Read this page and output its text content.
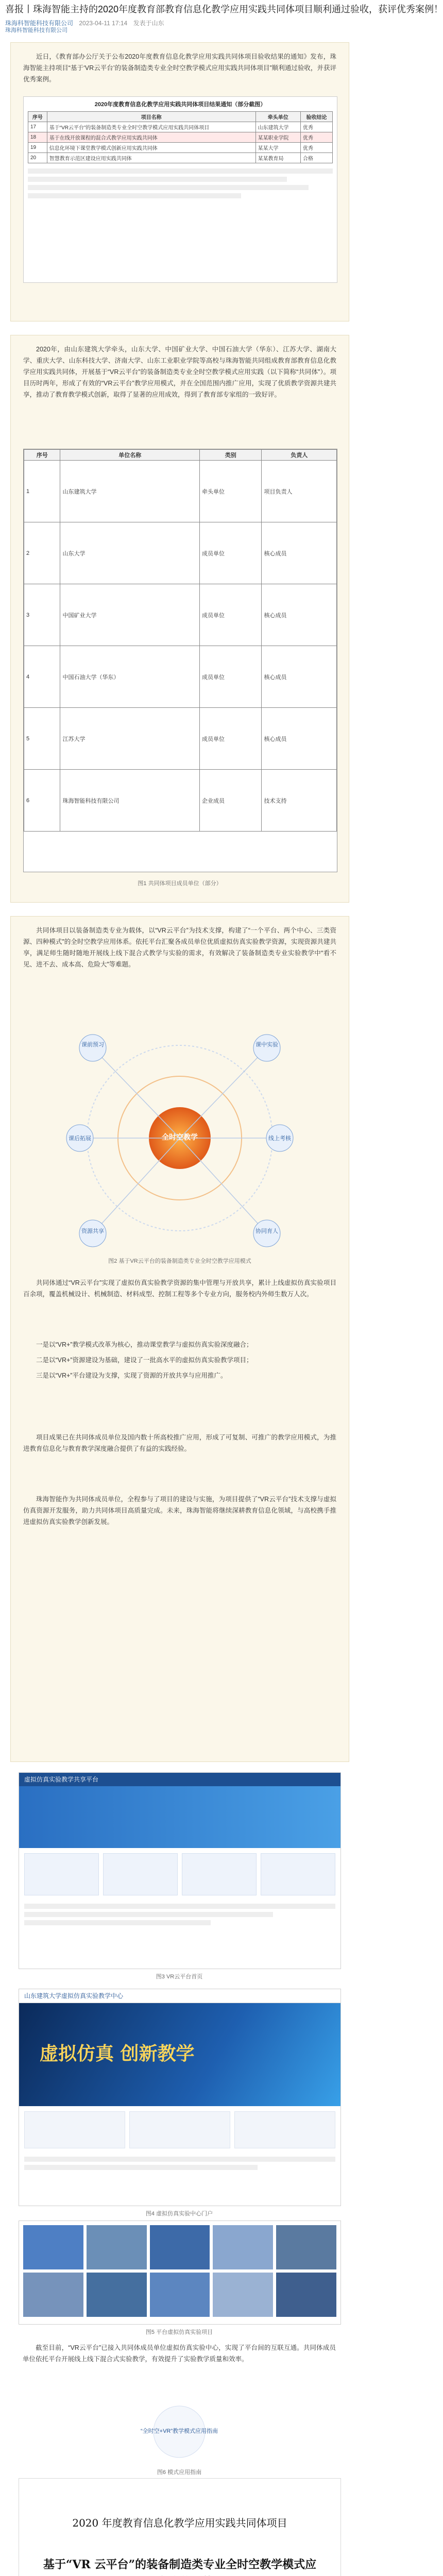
喜报丨珠海智能主持的2020年度教育部教育信息化教学应用实践共同体项目顺利通过验收，获评优秀案例！
珠海科智能科技有限公司 2023-04-11 17:14 发表于山东
珠海科智能科技有限公司

近日，《教育部办公厅关于公布2020年度教育信息化教学应用实践共同体项目验收结果的通知》发布，珠海智能主持项目“基于‘VR云平台’的装备制造类专业全时空教学模式应用实践共同体项目”顺利通过验收，并获评优秀案例。

2020年度教育信息化教学应用实践共同体项目结果通知（部分截图）
序号	项目名称	牵头单位	验收结论
17	基于“VR云平台”的装备制造类专业全时空教学模式应用实践共同体项目	山东建筑大学	优秀
18	基于在线开放课程的混合式教学应用实践共同体	某某职业学院	优秀
19	信息化环境下课堂教学模式创新应用实践共同体	某某大学	优秀
20	智慧教育示范区建设应用实践共同体	某某教育局	合格

2020年，由山东建筑大学牵头，山东大学、中国矿业大学、中国石油大学（华东）、江苏大学、湖南大学、重庆大学、山东科技大学、济南大学、山东工业职业学院等高校与珠海智能共同组成教育部教育信息化教学应用实践共同体，开展基于“VR云平台”的装备制造类专业全时空教学模式应用实践（以下简称“共同体”）。项目历时两年，形成了有效的“VR云平台”教学应用模式，并在全国范围内推广应用，实现了优质教学资源共建共享，推动了教育教学模式创新，取得了显著的应用成效，得到了教育部专家组的一致好评。

序号	单位名称	类别	负责人
1	山东建筑大学	牵头单位	项目负责人
2	山东大学	成员单位	核心成员
3	中国矿业大学	成员单位	核心成员
4	中国石油大学（华东）	成员单位	核心成员
5	江苏大学	成员单位	核心成员
6	珠海智能科技有限公司	企业成员	技术支持
图1 共同体项目成员单位（部分）

共同体项目以装备制造类专业为载体，以“VR云平台”为技术支撑，构建了“一个平台、两个中心、三类资源、四种模式”的全时空教学应用体系。依托平台汇聚各成员单位优质虚拟仿真实验教学资源，实现资源共建共享，满足师生随时随地开展线上线下混合式教学与实验的需求，有效解决了装备制造类专业实验教学中“看不见、进不去、成本高、危险大”等难题。

全时空教学
课前预习	课中实验
课后拓展	线上考核
资源共享	协同育人
图2 基于VR云平台的装备制造类专业全时空教学应用模式

共同体通过“VR云平台”实现了虚拟仿真实验教学资源的集中管理与开放共享，累计上线虚拟仿真实验项目百余项，覆盖机械设计、机械制造、材料成型、控制工程等多个专业方向，服务校内外师生数万人次。

一是以“VR+”教学模式改革为核心，推动课堂教学与虚拟仿真实验深度融合；

二是以“VR+”资源建设为基础，建设了一批高水平的虚拟仿真实验教学项目；

三是以“VR+”平台建设为支撑，实现了资源的开放共享与应用推广。

项目成果已在共同体成员单位及国内数十所高校推广应用，形成了可复制、可推广的教学应用模式，为推进教育信息化与教育教学深度融合提供了有益的实践经验。

珠海智能作为共同体成员单位，全程参与了项目的建设与实施，为项目提供了“VR云平台”技术支撑与虚拟仿真资源开发服务，助力共同体项目高质量完成。未来，珠海智能将继续深耕教育信息化领域，与高校携手推进虚拟仿真实验教学创新发展。

虚拟仿真实验教学共享平台
图3 VR云平台首页
山东建筑大学虚拟仿真实验教学中心
虚拟仿真 创新教学
图4 虚拟仿真实验中心门户
图5 平台虚拟仿真实验项目

截至目前，“VR云平台”已接入共同体成员单位虚拟仿真实验中心，实现了平台间的互联互通。共同体成员单位依托平台开展线上线下混合式实验教学，有效提升了实验教学质量和效率。

“全时空+VR”教学模式应用指南
图6 模式应用指南
2020 年度教育信息化教学应用实践共同体项目
基于“VR 云平台”的装备制造类专业全时空教学模式应
